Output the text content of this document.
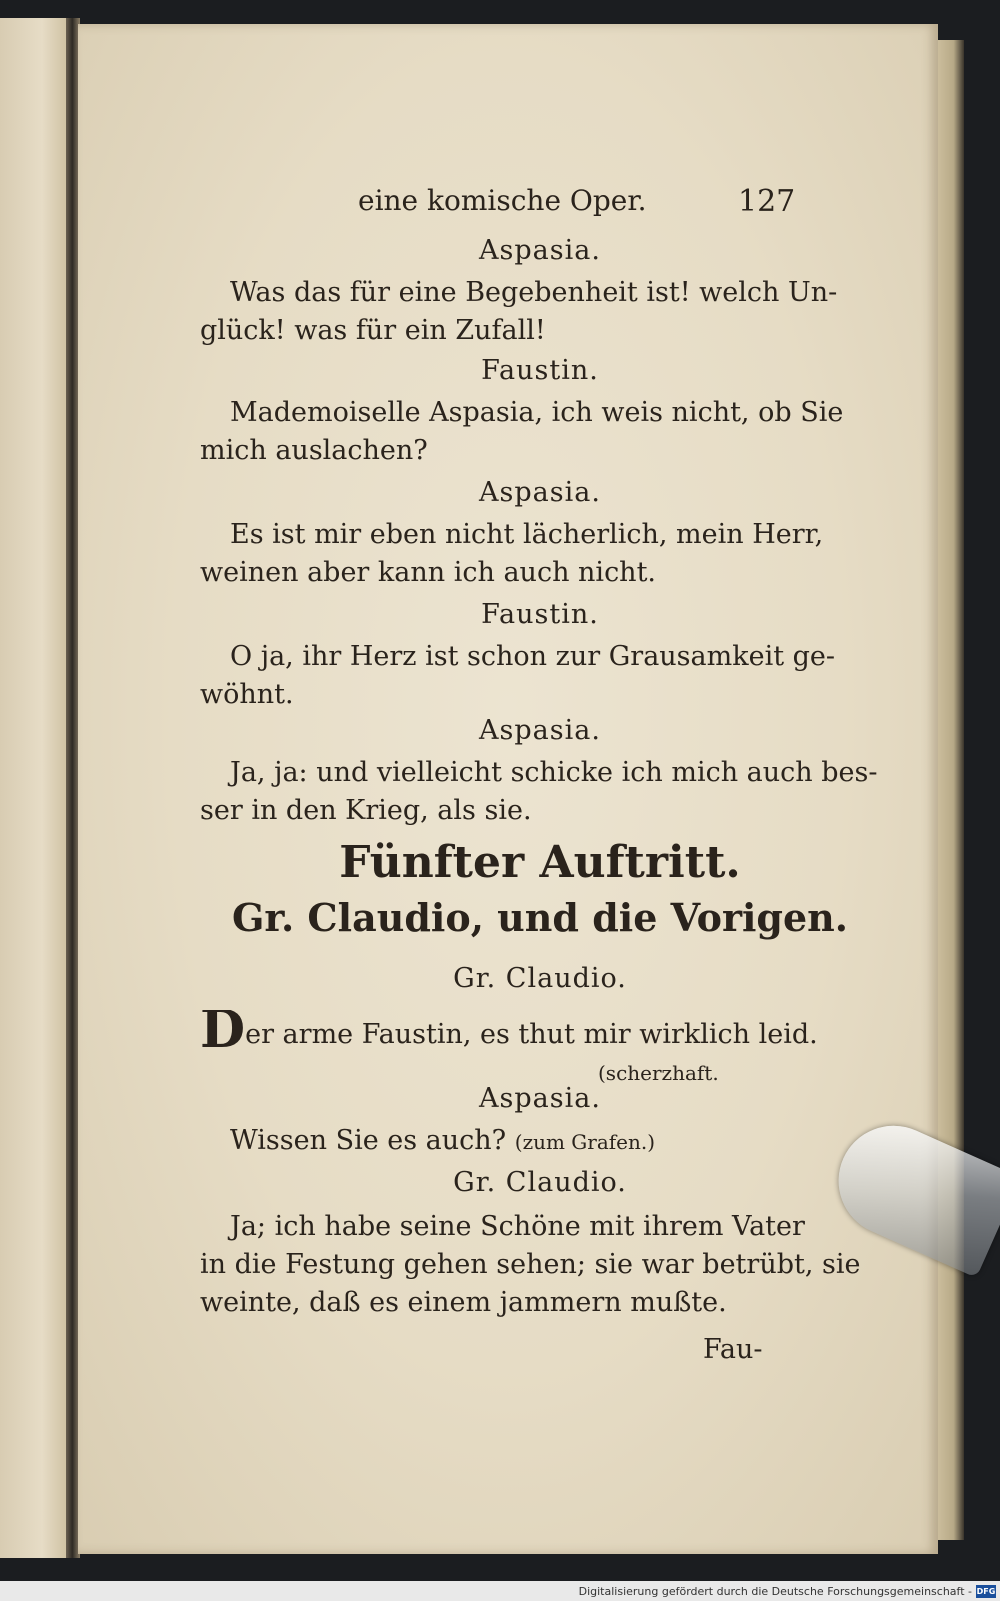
eine komische Oper.	127
Aspasia.
Was das für eine Begebenheit ist! welch Un-
glück! was für ein Zufall!
Faustin.
Mademoiselle Aspasia, ich weis nicht, ob Sie
mich auslachen?
Aspasia.
Es ist mir eben nicht lächerlich, mein Herr,
weinen aber kann ich auch nicht.
Faustin.
O ja, ihr Herz ist schon zur Grausamkeit ge-
wöhnt.
Aspasia.
Ja, ja: und vielleicht schicke ich mich auch bes-
ser in den Krieg, als sie.
Fünfter Auftritt.
Gr. Claudio, und die Vorigen.
Gr. Claudio.
Der arme Faustin, es thut mir wirklich leid.
(scherzhaft.
Aspasia.
Wissen Sie es auch? (zum Grafen.)
Gr. Claudio.
Ja; ich habe seine Schöne mit ihrem Vater
in die Festung gehen sehen; sie war betrübt, sie
weinte, daß es einem jammern mußte.
Fau-
Digitalisierung gefördert durch die Deutsche Forschungsgemeinschaft - DFG
